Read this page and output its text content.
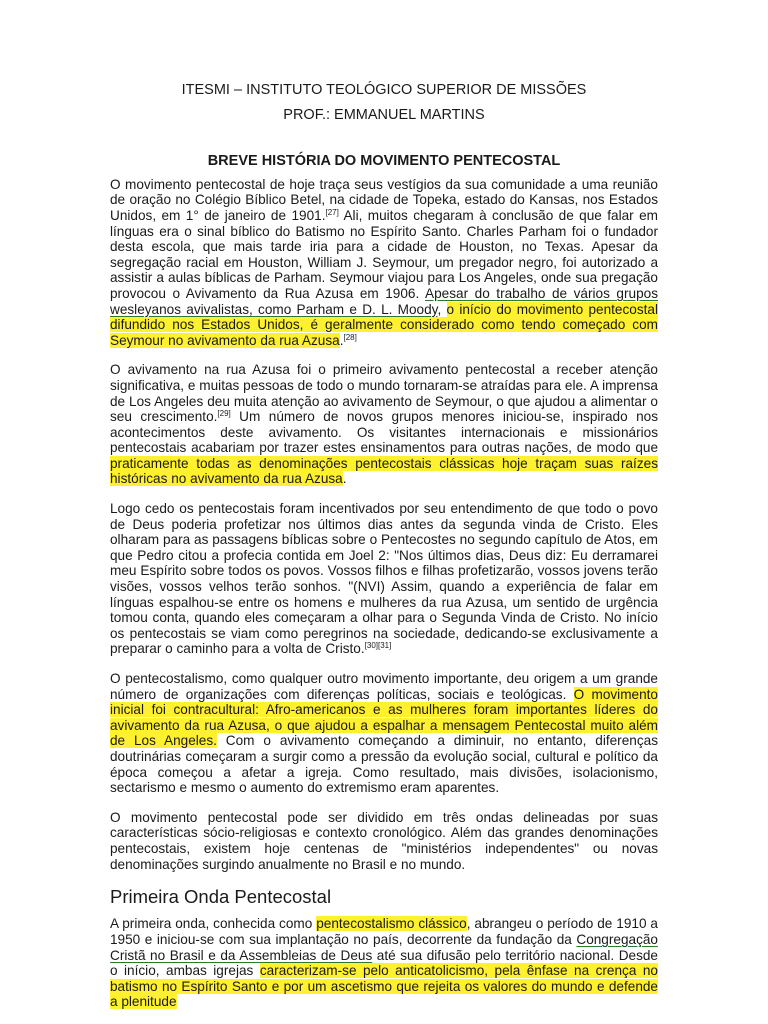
ITESMI – INSTITUTO TEOLÓGICO SUPERIOR DE MISSÕES
PROF.: EMMANUEL MARTINS
BREVE HISTÓRIA DO MOVIMENTO PENTECOSTAL

O movimento pentecostal de hoje traça seus vestígios da sua comunidade a uma reunião de oração no Colégio Bíblico Betel, na cidade de Topeka, estado do Kansas, nos Estados Unidos, em 1° de janeiro de 1901.[27] Ali, muitos chegaram à conclusão de que falar em línguas era o sinal bíblico do Batismo no Espírito Santo. Charles Parham foi o fundador desta escola, que mais tarde iria para a cidade de Houston, no Texas. Apesar da segregação racial em Houston, William J. Seymour, um pregador negro, foi autorizado a assistir a aulas bíblicas de Parham. Seymour viajou para Los Angeles, onde sua pregação provocou o Avivamento da Rua Azusa em 1906. Apesar do trabalho de vários grupos wesleyanos avivalistas, como Parham e D. L. Moody, o início do movimento pentecostal difundido nos Estados Unidos, é geralmente considerado como tendo começado com Seymour no avivamento da rua Azusa.[28]

O avivamento na rua Azusa foi o primeiro avivamento pentecostal a receber atenção significativa, e muitas pessoas de todo o mundo tornaram-se atraídas para ele. A imprensa de Los Angeles deu muita atenção ao avivamento de Seymour, o que ajudou a alimentar o seu crescimento.[29] Um número de novos grupos menores iniciou-se, inspirado nos acontecimentos deste avivamento. Os visitantes internacionais e missionários pentecostais acabariam por trazer estes ensinamentos para outras nações, de modo que praticamente todas as denominações pentecostais clássicas hoje traçam suas raízes históricas no avivamento da rua Azusa.

Logo cedo os pentecostais foram incentivados por seu entendimento de que todo o povo de Deus poderia profetizar nos últimos dias antes da segunda vinda de Cristo. Eles olharam para as passagens bíblicas sobre o Pentecostes no segundo capítulo de Atos, em que Pedro citou a profecia contida em Joel 2: "Nos últimos dias, Deus diz: Eu derramarei meu Espírito sobre todos os povos. Vossos filhos e filhas profetizarão, vossos jovens terão visões, vossos velhos terão sonhos. "(NVI) Assim, quando a experiência de falar em línguas espalhou-se entre os homens e mulheres da rua Azusa, um sentido de urgência tomou conta, quando eles começaram a olhar para o Segunda Vinda de Cristo. No início os pentecostais se viam como peregrinos na sociedade, dedicando-se exclusivamente a preparar o caminho para a volta de Cristo.[30][31]

O pentecostalismo, como qualquer outro movimento importante, deu origem a um grande número de organizações com diferenças políticas, sociais e teológicas. O movimento inicial foi contracultural: Afro-americanos e as mulheres foram importantes líderes do avivamento da rua Azusa, o que ajudou a espalhar a mensagem Pentecostal muito além de Los Angeles. Com o avivamento começando a diminuir, no entanto, diferenças doutrinárias começaram a surgir como a pressão da evolução social, cultural e político da época começou a afetar a igreja. Como resultado, mais divisões, isolacionismo, sectarismo e mesmo o aumento do extremismo eram aparentes.

O movimento pentecostal pode ser dividido em três ondas delineadas por suas características sócio-religiosas e contexto cronológico. Além das grandes denominações pentecostais, existem hoje centenas de "ministérios independentes" ou novas denominações surgindo anualmente no Brasil e no mundo.

Primeira Onda Pentecostal

A primeira onda, conhecida como pentecostalismo clássico, abrangeu o período de 1910 a 1950 e iniciou-se com sua implantação no país, decorrente da fundação da Congregação Cristã no Brasil e da Assembleias de Deus até sua difusão pelo território nacional. Desde o início, ambas igrejas caracterizam-se pelo anticatolicismo, pela ênfase na crença no batismo no Espírito Santo e por um ascetismo que rejeita os valores do mundo e defende a plenitude
